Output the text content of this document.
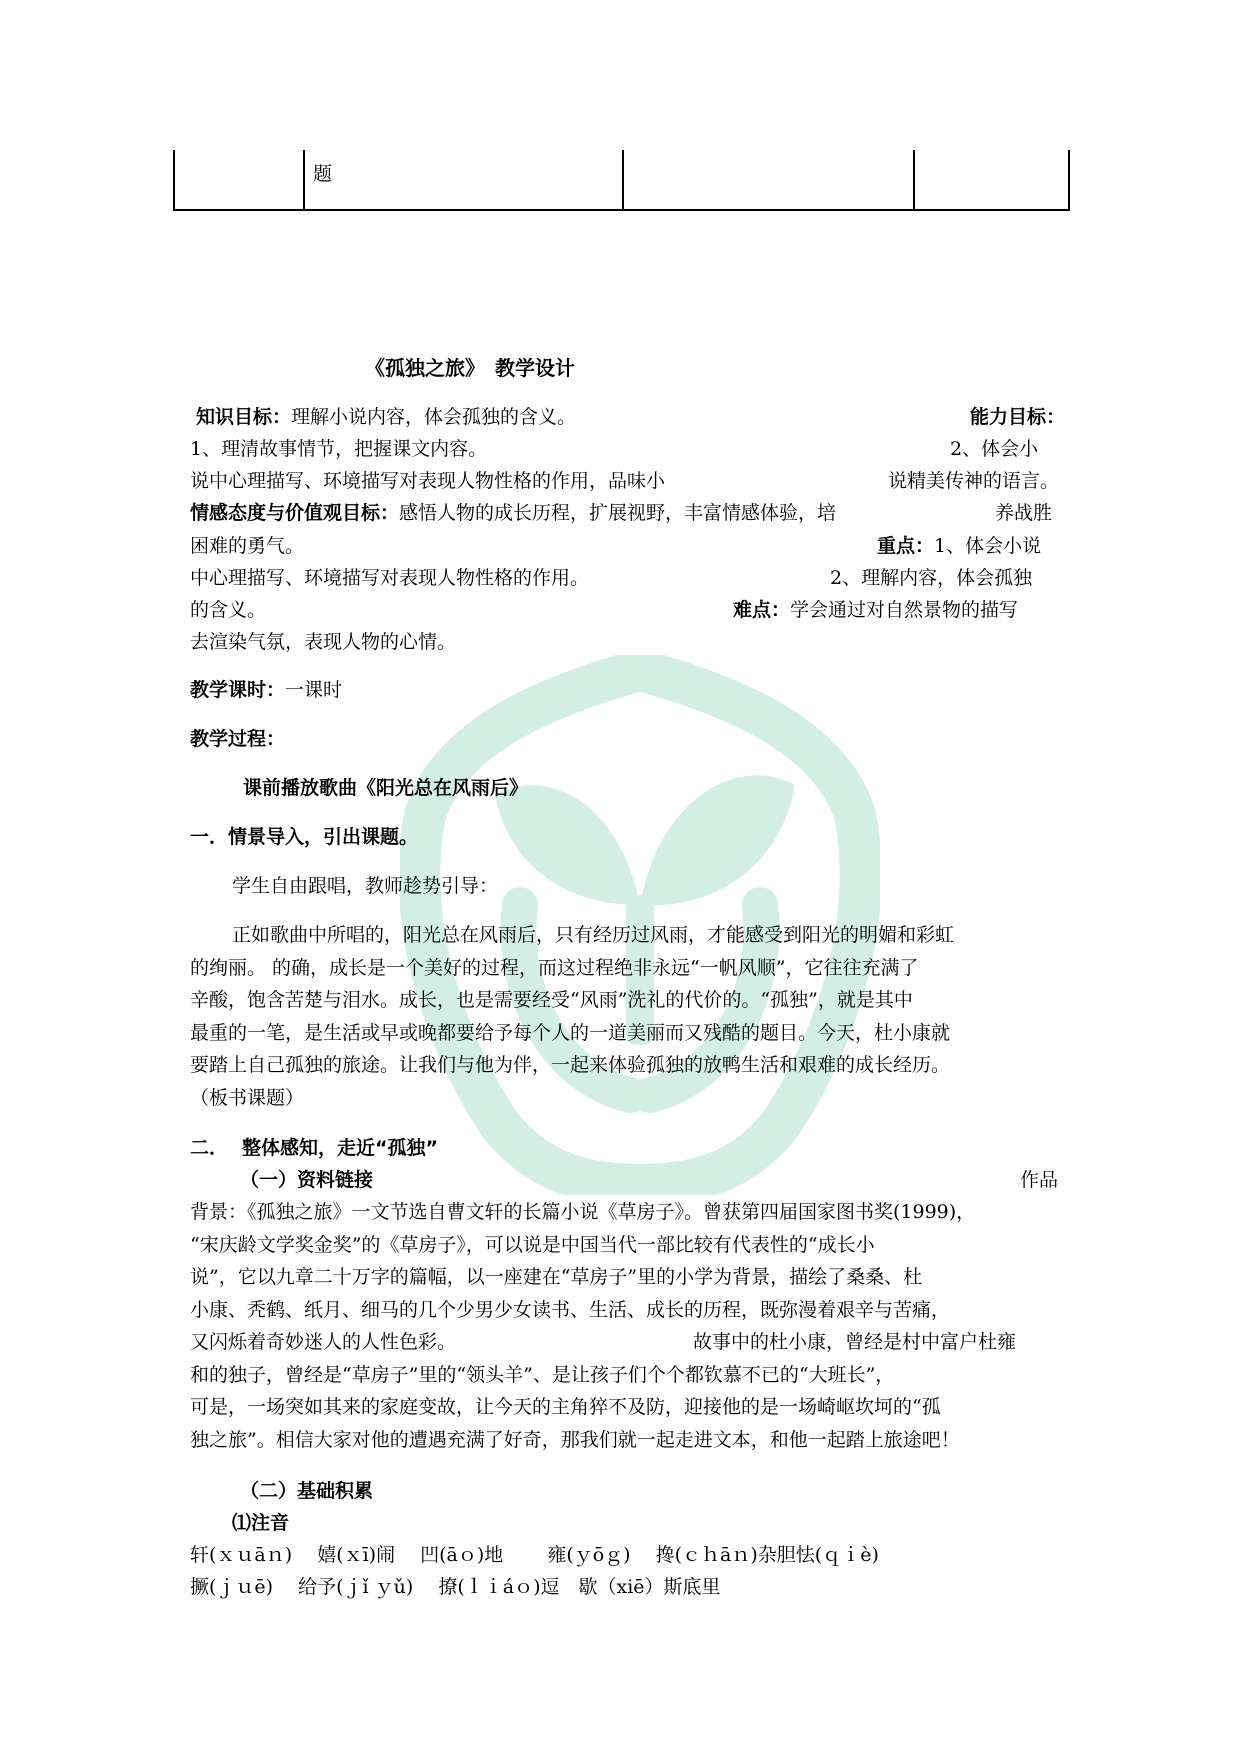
题
《孤独之旅》　教学设计
知识目标：理解小说内容，体会孤独的含义。	能力目标：
1、理清故事情节，把握课文内容。	2、体会小
说中心理描写、环境描写对表现人物性格的作用，品味小	说精美传神的语言。
情感态度与价值观目标：感悟人物的成长历程，扩展视野，丰富情感体验，培	养战胜
困难的勇气。	重点：1、体会小说
中心理描写、环境描写对表现人物性格的作用。	2、理解内容，体会孤独
的含义。	难点：学会通过对自然景物的描写
去渲染气氛，表现人物的心情。
教学课时：一课时
教学过程：
课前播放歌曲《阳光总在风雨后》
一．情景导入，引出课题。
学生自由跟唱，教师趁势引导：
正如歌曲中所唱的，阳光总在风雨后，只有经历过风雨，才能感受到阳光的明媚和彩虹
的绚丽。 的确，成长是一个美好的过程，而这过程绝非永远“一帆风顺”，它往往充满了
辛酸，饱含苦楚与泪水。成长，也是需要经受“风雨”洗礼的代价的。“孤独”，就是其中
最重的一笔，是生活或早或晚都要给予每个人的一道美丽而又残酷的题目。今天，杜小康就
要踏上自己孤独的旅途。让我们与他为伴，一起来体验孤独的放鸭生活和艰难的成长经历。
（板书课题）
二． 整体感知，走近“孤独”
（一）资料链接	作品
背景：《孤独之旅》一文节选自曹文轩的长篇小说《草房子》。曾获第四届国家图书奖(1999)，
“宋庆龄文学奖金奖”的《草房子》，可以说是中国当代一部比较有代表性的“成长小
说”，它以九章二十万字的篇幅，以一座建在“草房子”里的小学为背景，描绘了桑桑、杜
小康、秃鹤、纸月、细马的几个少男少女读书、生活、成长的历程，既弥漫着艰辛与苦痛，
又闪烁着奇妙迷人的人性色彩。	故事中的杜小康，曾经是村中富户杜雍
和的独子，曾经是“草房子”里的“领头羊”、是让孩子们个个都钦慕不已的“大班长”，
可是，一场突如其来的家庭变故，让今天的主角猝不及防，迎接他的是一场崎岖坎坷的“孤
独之旅”。相信大家对他的遭遇充满了好奇，那我们就一起走进文本，和他一起踏上旅途吧！
（二）基础积累
⑴注音
轩(ｘｕāｎ)　 嬉(ｘī)闹　 凹(āｏ)地　　 雍(ｙōｇ)　 搀(ｃｈāｎ)杂胆怯(ｑｉè)
撅(ｊｕē)　 给予(ｊǐ ｙǔ)　 撩(ｌｉáｏ)逗　歇（xiē）斯底里
